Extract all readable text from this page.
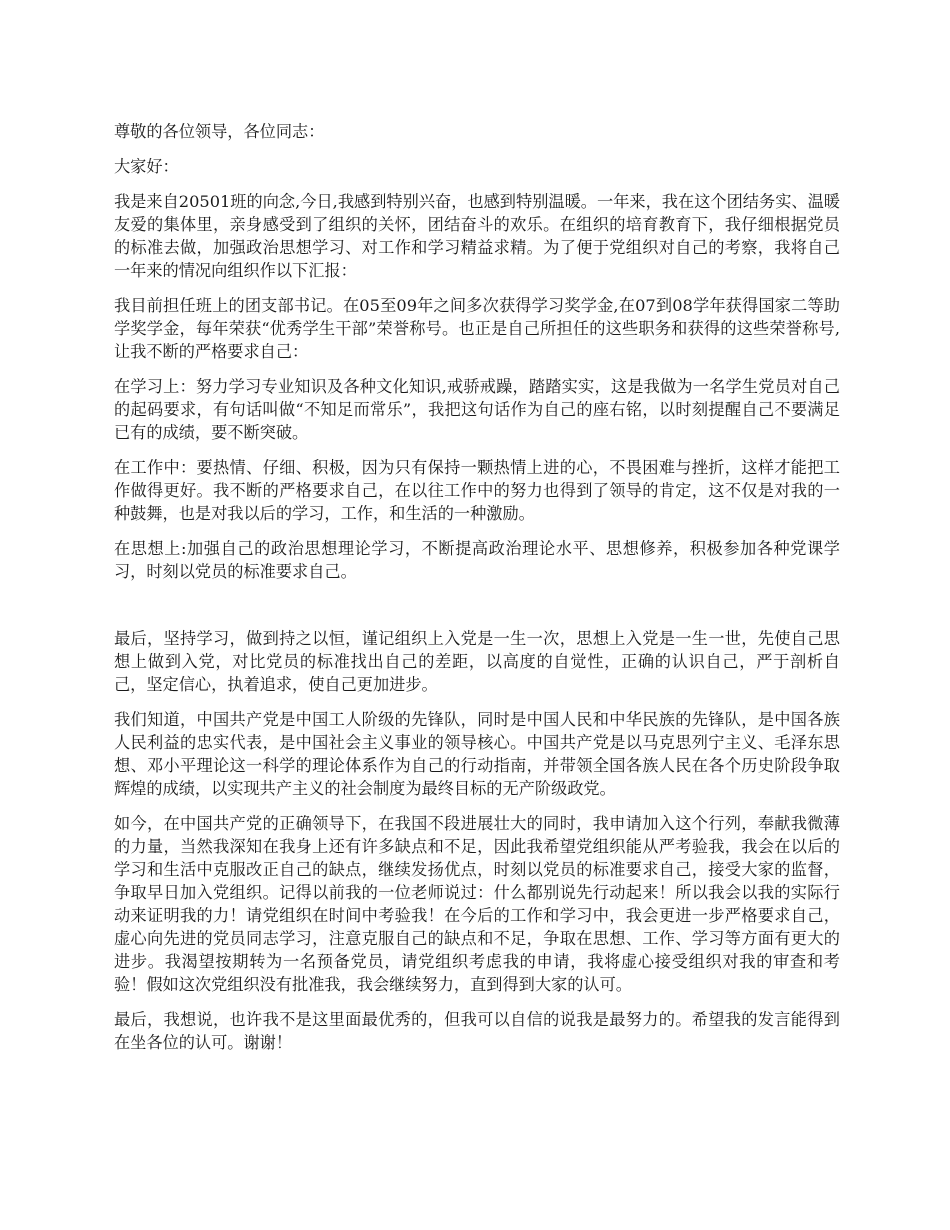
尊敬的各位领导，各位同志：

大家好：

我是来自20501班的向念,今日,我感到特别兴奋，也感到特别温暖。一年来，我在这个团结务实、温暖友爱的集体里，亲身感受到了组织的关怀，团结奋斗的欢乐。在组织的培育教育下，我仔细根据党员的标准去做，加强政治思想学习、对工作和学习精益求精。为了便于党组织对自己的考察，我将自己一年来的情况向组织作以下汇报：

我目前担任班上的团支部书记。在05至09年之间多次获得学习奖学金,在07到08学年获得国家二等助学奖学金，每年荣获“优秀学生干部”荣誉称号。也正是自己所担任的这些职务和获得的这些荣誉称号,让我不断的严格要求自己：

在学习上：努力学习专业知识及各种文化知识,戒骄戒躁，踏踏实实，这是我做为一名学生党员对自己的起码要求，有句话叫做“不知足而常乐”，我把这句话作为自己的座右铭，以时刻提醒自己不要满足已有的成绩，要不断突破。

在工作中：要热情、仔细、积极，因为只有保持一颗热情上进的心，不畏困难与挫折，这样才能把工作做得更好。我不断的严格要求自己，在以往工作中的努力也得到了领导的肯定，这不仅是对我的一种鼓舞，也是对我以后的学习，工作，和生活的一种激励。

在思想上:加强自己的政治思想理论学习，不断提高政治理论水平、思想修养，积极参加各种党课学习，时刻以党员的标准要求自己。

最后，坚持学习，做到持之以恒，谨记组织上入党是一生一次，思想上入党是一生一世，先使自己思想上做到入党，对比党员的标准找出自己的差距，以高度的自觉性，正确的认识自己，严于剖析自己，坚定信心，执着追求，使自己更加进步。

我们知道，中国共产党是中国工人阶级的先锋队，同时是中国人民和中华民族的先锋队，是中国各族人民利益的忠实代表，是中国社会主义事业的领导核心。中国共产党是以马克思列宁主义、毛泽东思想、邓小平理论这一科学的理论体系作为自己的行动指南，并带领全国各族人民在各个历史阶段争取辉煌的成绩，以实现共产主义的社会制度为最终目标的无产阶级政党。

如今，在中国共产党的正确领导下，在我国不段进展壮大的同时，我申请加入这个行列，奉献我微薄的力量，当然我深知在我身上还有许多缺点和不足，因此我希望党组织能从严考验我，我会在以后的学习和生活中克服改正自己的缺点，继续发扬优点，时刻以党员的标准要求自己，接受大家的监督，争取早日加入党组织。记得以前我的一位老师说过：什么都别说先行动起来！所以我会以我的实际行动来证明我的力！请党组织在时间中考验我！在今后的工作和学习中，我会更进一步严格要求自己，虚心向先进的党员同志学习，注意克服自己的缺点和不足，争取在思想、工作、学习等方面有更大的进步。我渴望按期转为一名预备党员，请党组织考虑我的申请，我将虚心接受组织对我的审查和考验！假如这次党组织没有批准我，我会继续努力，直到得到大家的认可。

最后，我想说，也许我不是这里面最优秀的，但我可以自信的说我是最努力的。希望我的发言能得到在坐各位的认可。谢谢！
